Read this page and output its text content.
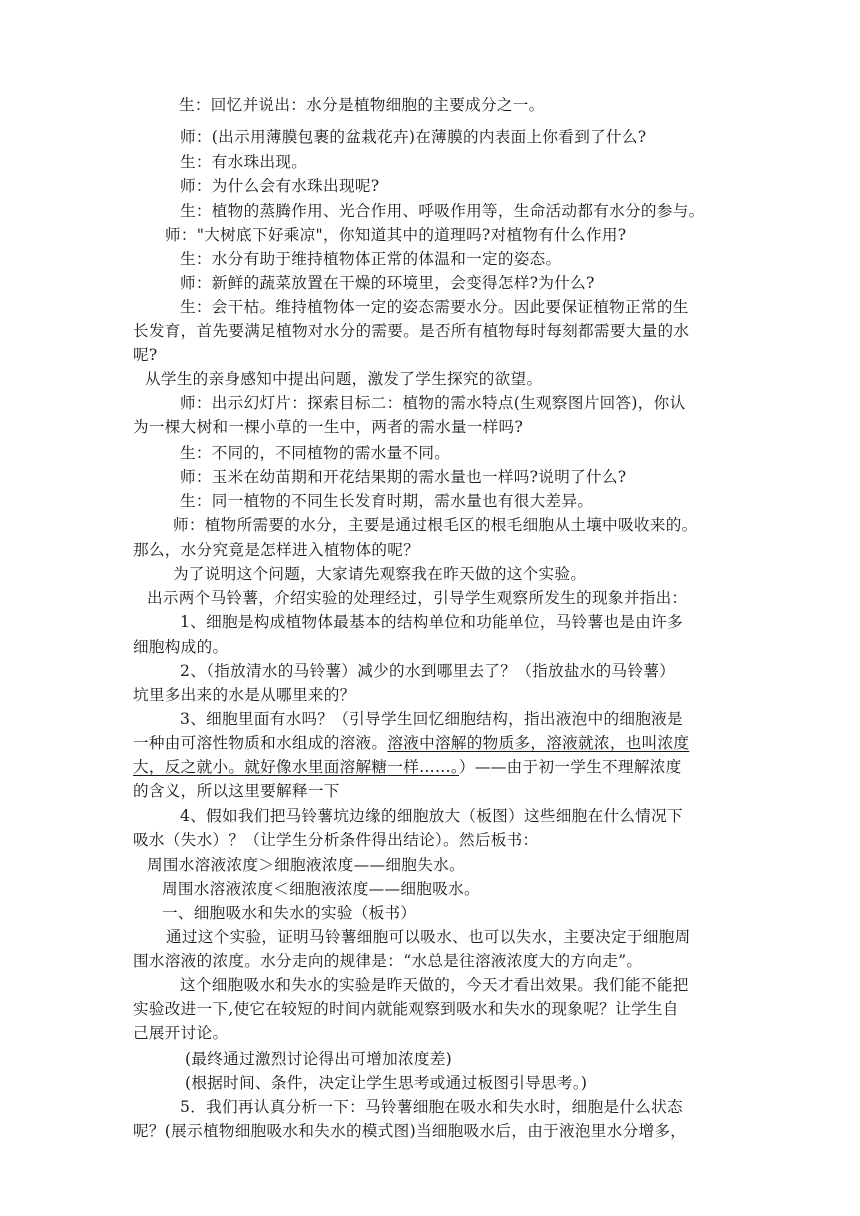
生：回忆并说出：水分是植物细胞的主要成分之一。
师：(出示用薄膜包裹的盆栽花卉)在薄膜的内表面上你看到了什么?
生：有水珠出现。
师：为什么会有水珠出现呢?
生：植物的蒸腾作用、光合作用、呼吸作用等，生命活动都有水分的参与。
师："大树底下好乘凉"，你知道其中的道理吗?对植物有什么作用?
生：水分有助于维持植物体正常的体温和一定的姿态。
师：新鲜的蔬菜放置在干燥的环境里，会变得怎样?为什么?
生：会干枯。维持植物体一定的姿态需要水分。因此要保证植物正常的生
长发育，首先要满足植物对水分的需要。是否所有植物每时每刻都需要大量的水
呢?
从学生的亲身感知中提出问题，激发了学生探究的欲望。
师：出示幻灯片：探索目标二：植物的需水特点(生观察图片回答)，你认
为一棵大树和一棵小草的一生中，两者的需水量一样吗?
生：不同的，不同植物的需水量不同。
师：玉米在幼苗期和开花结果期的需水量也一样吗?说明了什么?
生：同一植物的不同生长发育时期，需水量也有很大差异。
师：植物所需要的水分，主要是通过根毛区的根毛细胞从土壤中吸收来的。
那么，水分究竟是怎样进入植物体的呢？
为了说明这个问题，大家请先观察我在昨天做的这个实验。
出示两个马铃薯，介绍实验的处理经过，引导学生观察所发生的现象并指出：
1、细胞是构成植物体最基本的结构单位和功能单位，马铃薯也是由许多
细胞构成的。
2、（指放清水的马铃薯）减少的水到哪里去了？（指放盐水的马铃薯）
坑里多出来的水是从哪里来的？
3、细胞里面有水吗？（引导学生回忆细胞结构，指出液泡中的细胞液是
一种由可溶性物质和水组成的溶液。溶液中溶解的物质多，溶液就浓，也叫浓度
大，反之就小。就好像水里面溶解糖一样……。）——由于初一学生不理解浓度
的含义，所以这里要解释一下
4、假如我们把马铃薯坑边缘的细胞放大（板图）这些细胞在什么情况下
吸水（失水）？（让学生分析条件得出结论）。然后板书：
周围水溶液浓度＞细胞液浓度——细胞失水。
周围水溶液浓度＜细胞液浓度——细胞吸水。
一、细胞吸水和失水的实验（板书）
通过这个实验，证明马铃薯细胞可以吸水、也可以失水，主要决定于细胞周
围水溶液的浓度。水分走向的规律是：“水总是往溶液浓度大的方向走”。
这个细胞吸水和失水的实验是昨天做的，今天才看出效果。我们能不能把
实验改进一下,使它在较短的时间内就能观察到吸水和失水的现象呢？让学生自
己展开讨论。
(最终通过激烈讨论得出可增加浓度差)
(根据时间、条件，决定让学生思考或通过板图引导思考。)
5．我们再认真分析一下：马铃薯细胞在吸水和失水时，细胞是什么状态
呢？(展示植物细胞吸水和失水的模式图)当细胞吸水后，由于液泡里水分增多，
